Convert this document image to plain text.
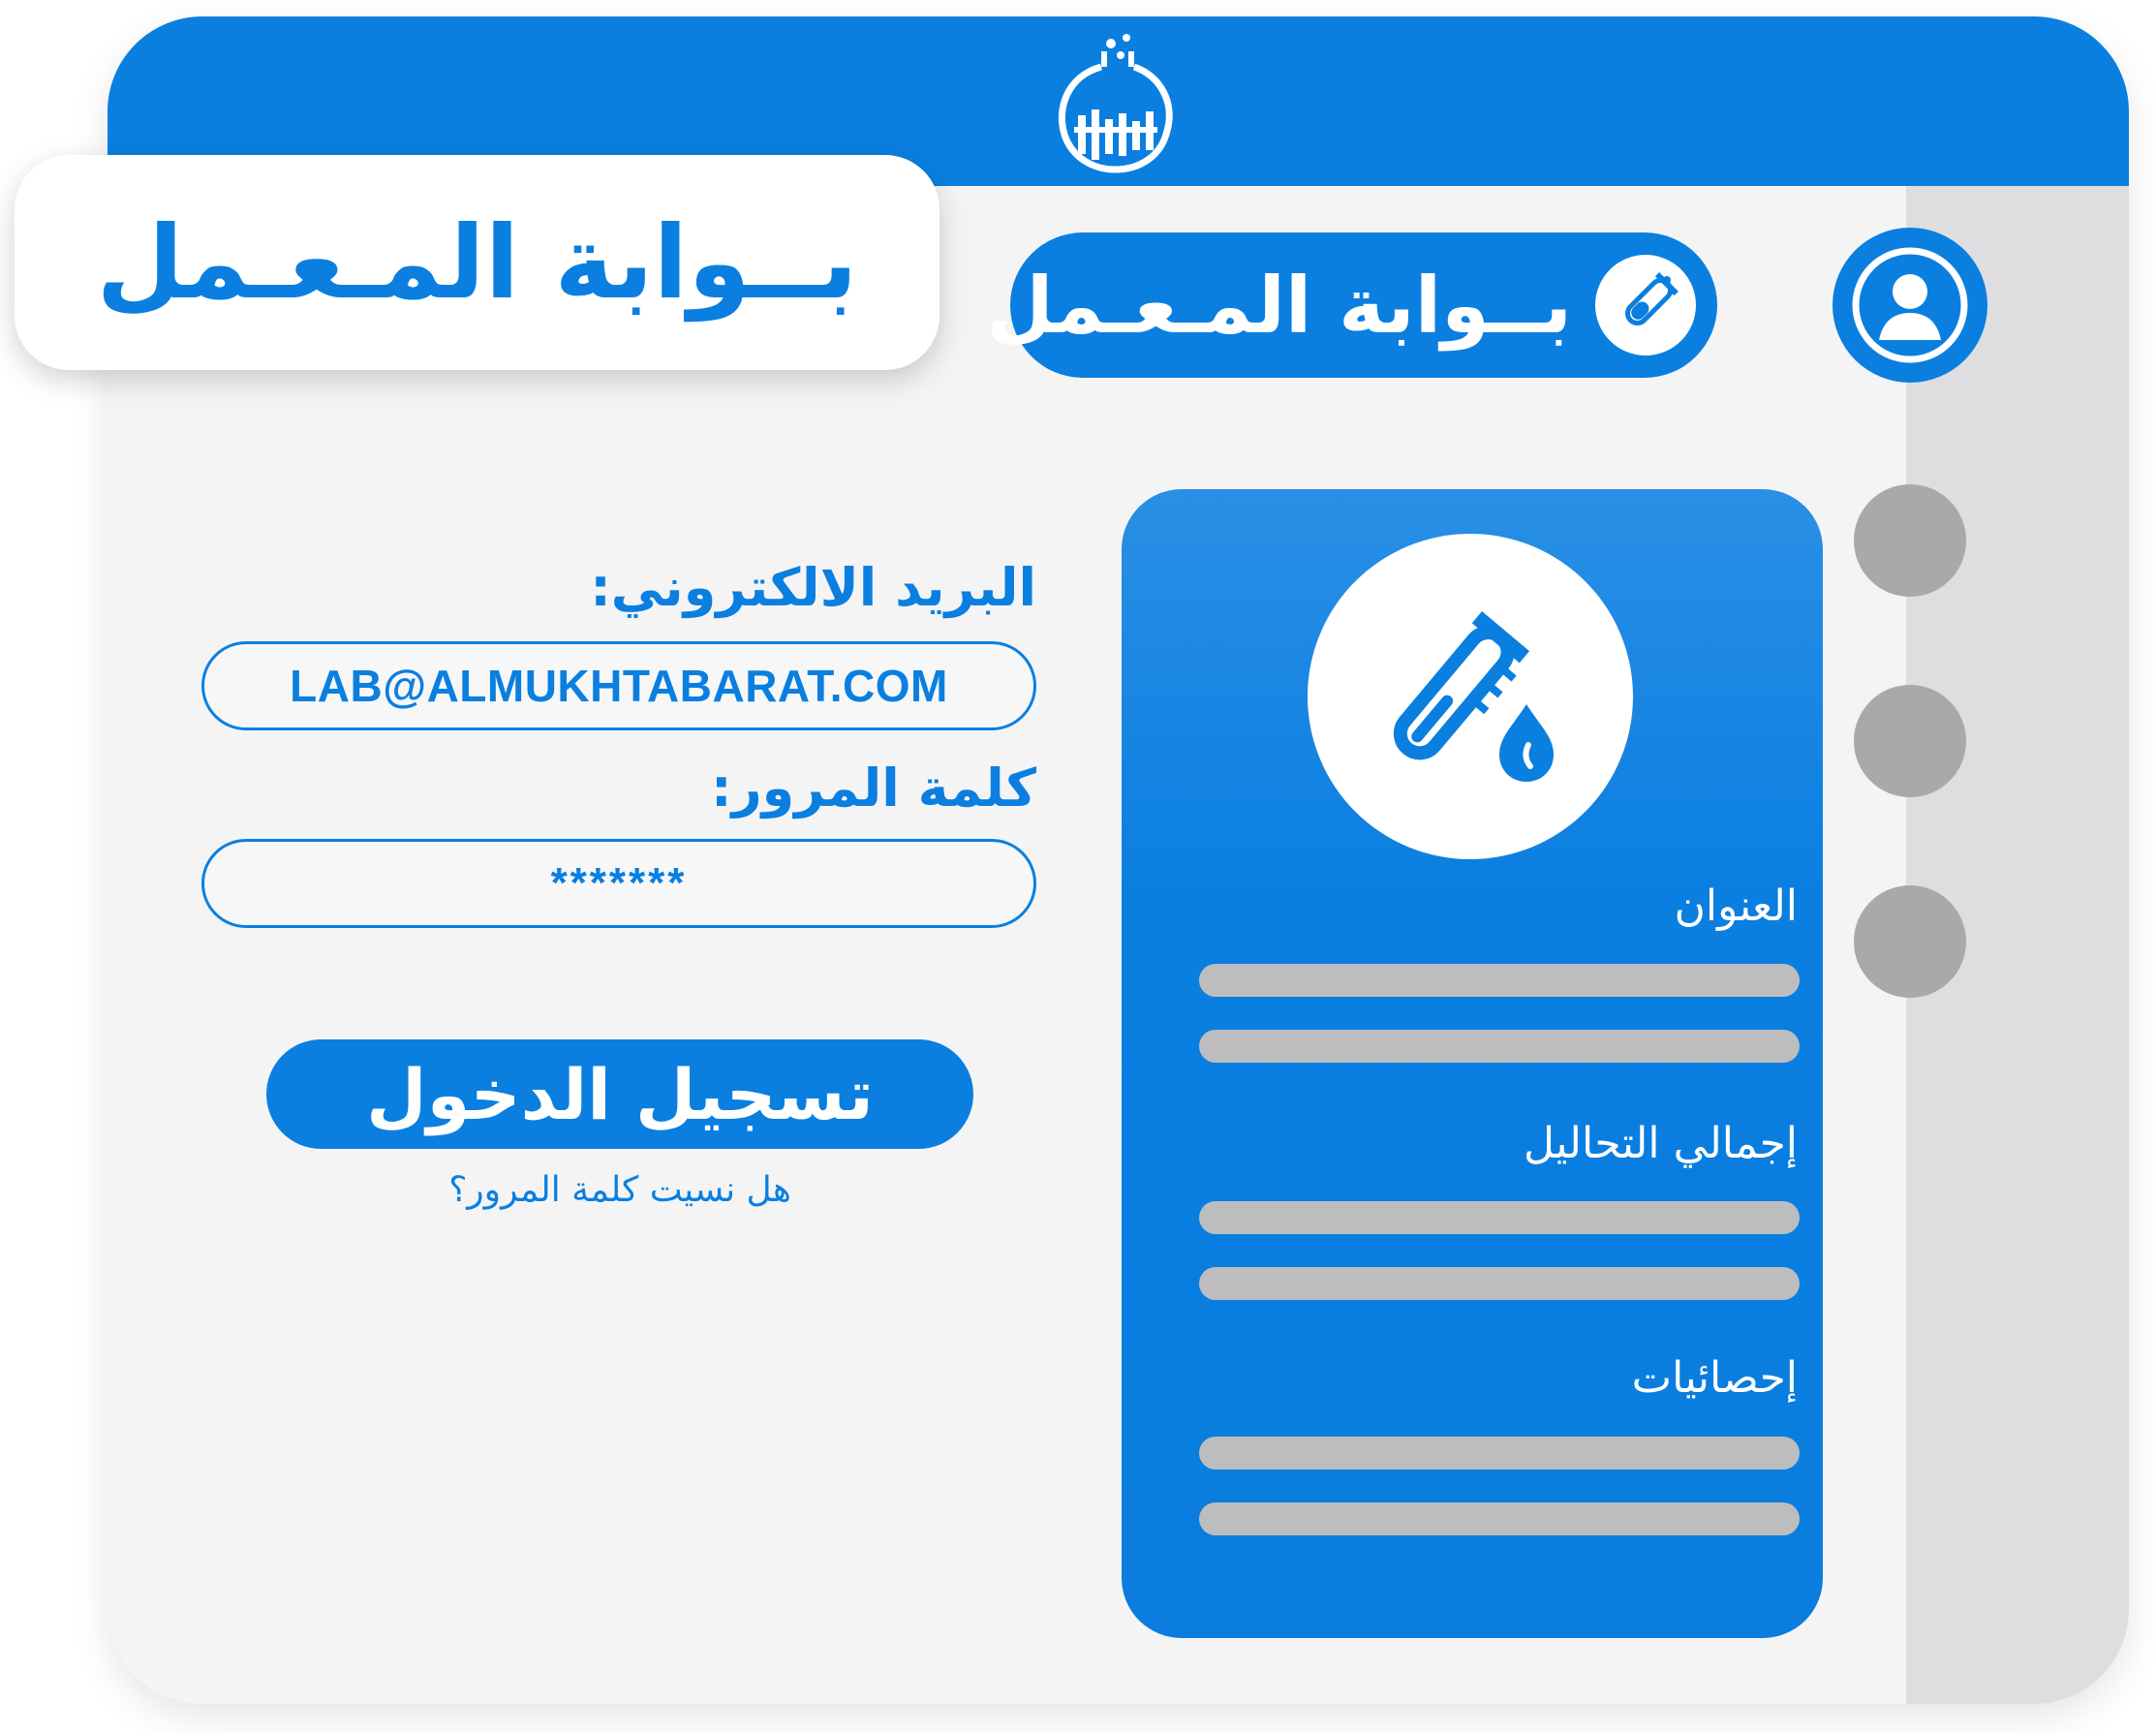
بــوابة المـعـمل
بــوابة المـعـمل
العنوان
إجمالي التحاليل
إحصائيات
البريد الالكتروني:
LAB@ALMUKHTABARAT.COM
كلمة المرور:
*******
تسجيل الدخول
هل نسيت كلمة المرور؟
